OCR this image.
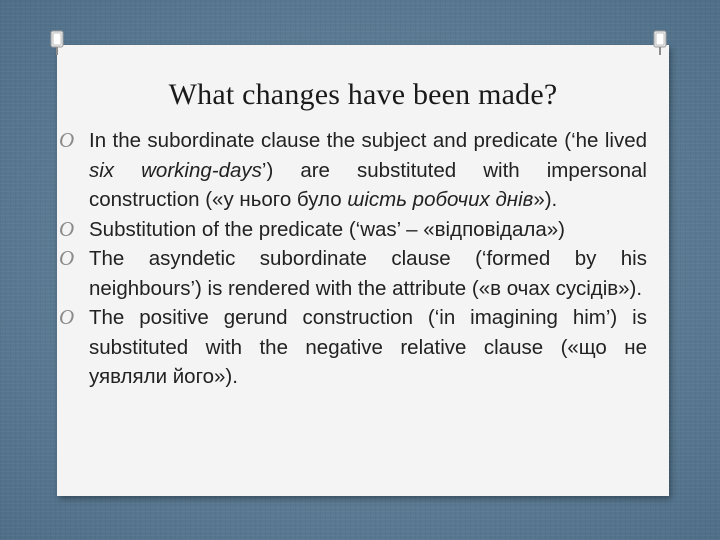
What changes have been made?
O In the subordinate clause the subject and predicate (‘he lived six working-days’) are substituted with impersonal construction («у нього було шість робочих днів»).
O Substitution of the predicate (‘was’ – «відповідала»)
O The asyndetic subordinate clause (‘formed by his neighbours’) is rendered with the attribute («в очах сусідів»).
O The positive gerund construction (‘in imagining him’) is substituted with the negative relative clause («що не уявляли його»).
